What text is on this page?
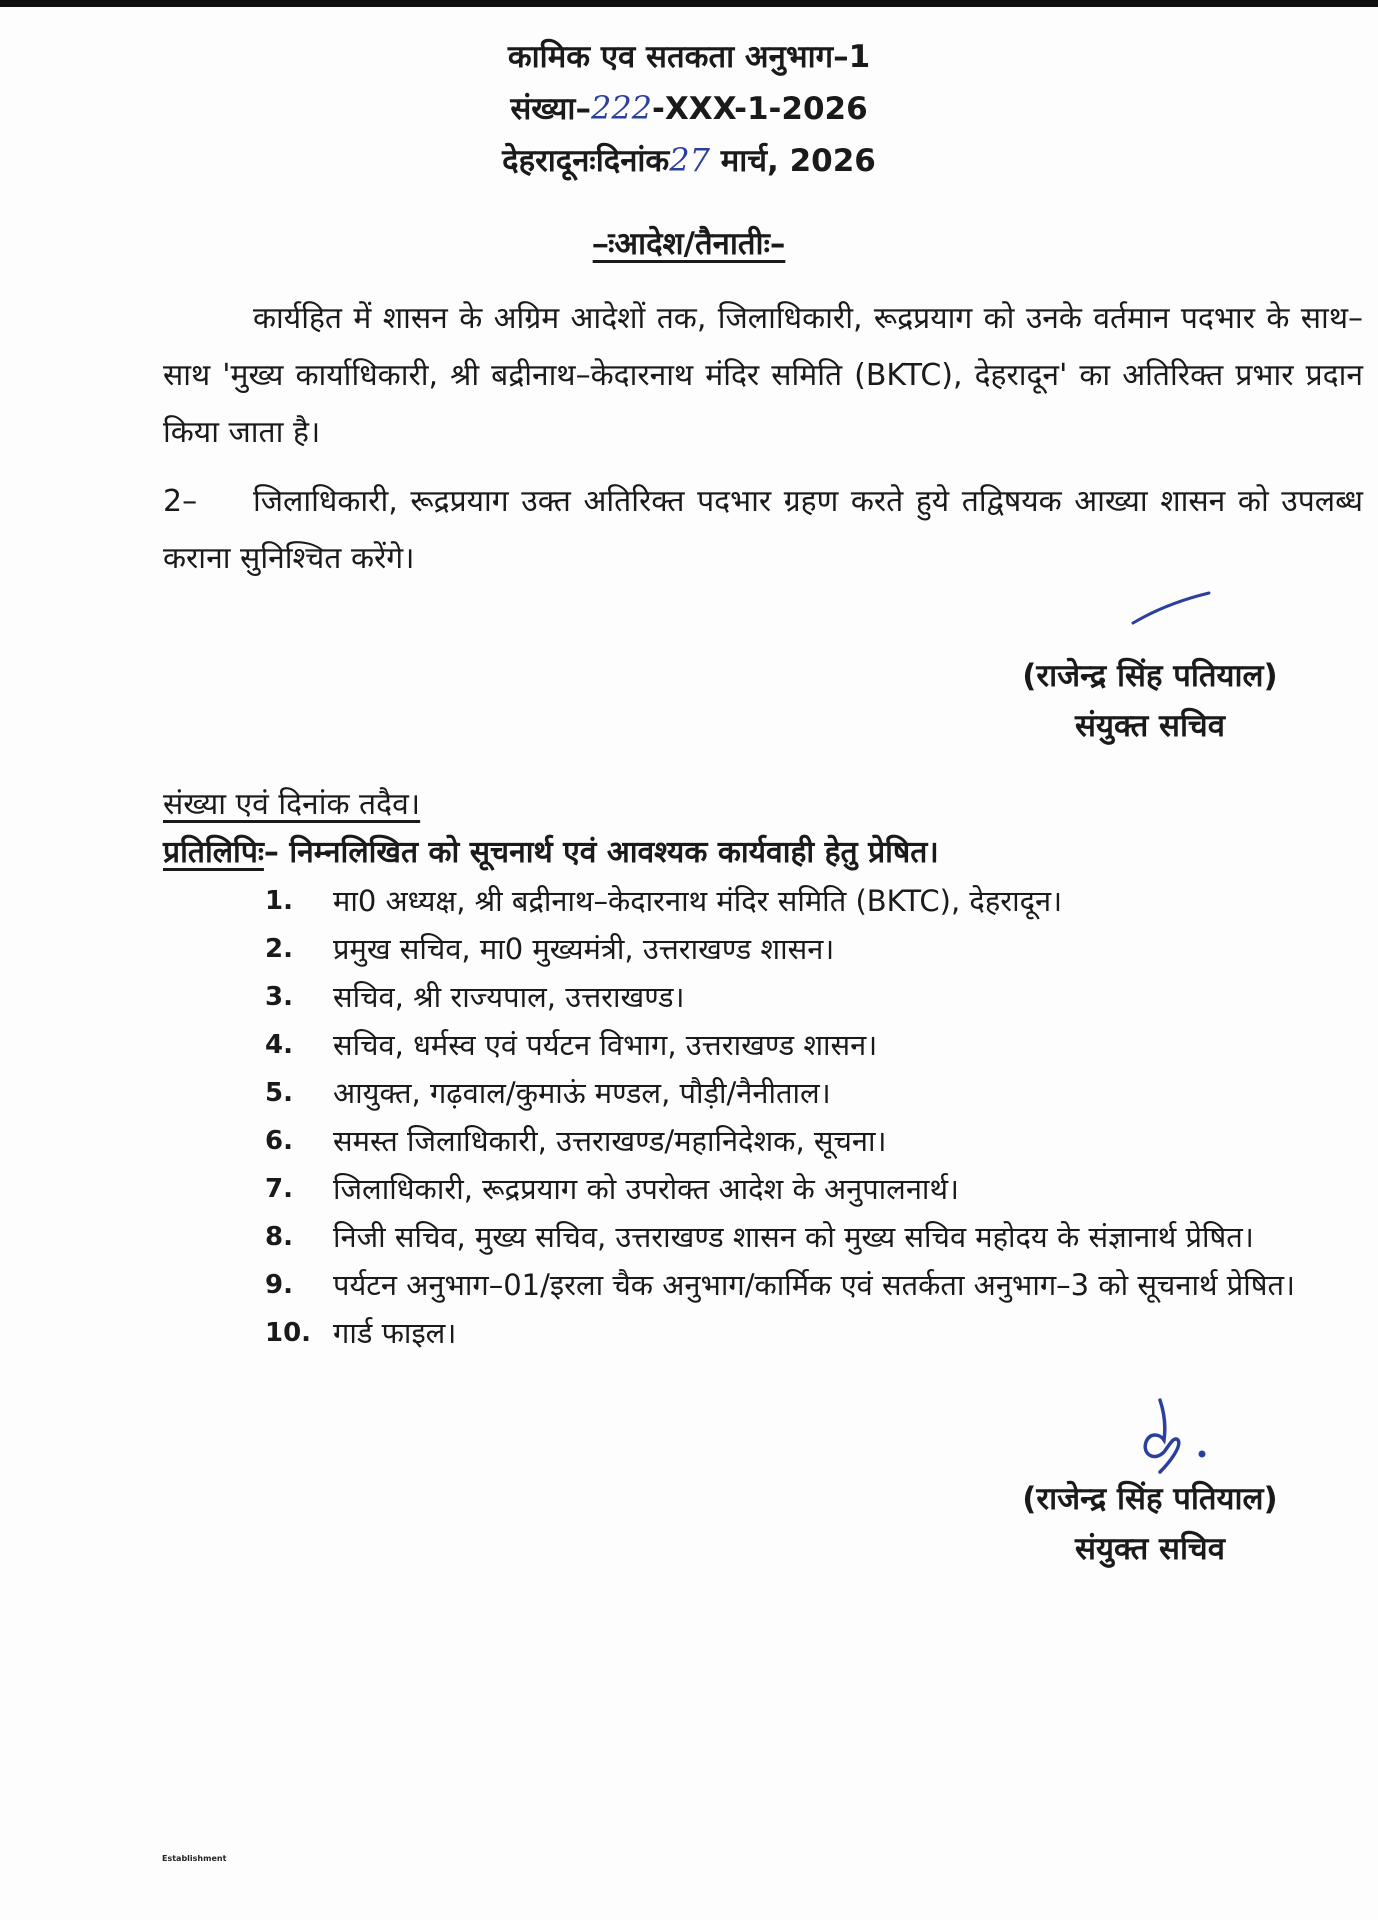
कामिक एव सतकता अनुभाग–1
संख्या–222-XXX-1-2026
देहरादूनःदिनांक27 मार्च, 2026
–ःआदेश/तैनातीः–
कार्यहित में शासन के अग्रिम आदेशों तक, जिलाधिकारी, रूद्रप्रयाग को उनके वर्तमान पदभार के साथ–साथ 'मुख्य कार्याधिकारी, श्री बद्रीनाथ–केदारनाथ मंदिर समिति (BKTC), देहरादून' का अतिरिक्त प्रभार प्रदान किया जाता है।
2– जिलाधिकारी, रूद्रप्रयाग उक्त अतिरिक्त पदभार ग्रहण करते हुये तद्विषयक आख्या शासन को उपलब्ध कराना सुनिश्चित करेंगे।
(राजेन्द्र सिंह पतियाल)
संयुक्त सचिव
संख्या एवं दिनांक तदैव।
प्रतिलिपिः– निम्नलिखित को सूचनार्थ एवं आवश्यक कार्यवाही हेतु प्रेषित।
1. मा0 अध्यक्ष, श्री बद्रीनाथ–केदारनाथ मंदिर समिति (BKTC), देहरादून।
2. प्रमुख सचिव, मा0 मुख्यमंत्री, उत्तराखण्ड शासन।
3. सचिव, श्री राज्यपाल, उत्तराखण्ड।
4. सचिव, धर्मस्व एवं पर्यटन विभाग, उत्तराखण्ड शासन।
5. आयुक्त, गढ़वाल/कुमाऊं मण्डल, पौड़ी/नैनीताल।
6. समस्त जिलाधिकारी, उत्तराखण्ड/महानिदेशक, सूचना।
7. जिलाधिकारी, रूद्रप्रयाग को उपरोक्त आदेश के अनुपालनार्थ।
8. निजी सचिव, मुख्य सचिव, उत्तराखण्ड शासन को मुख्य सचिव महोदय के संज्ञानार्थ प्रेषित।
9. पर्यटन अनुभाग–01/इरला चैक अनुभाग/कार्मिक एवं सतर्कता अनुभाग–3 को सूचनार्थ प्रेषित।
10. गार्ड फाइल।
(राजेन्द्र सिंह पतियाल)
संयुक्त सचिव
Establishment
